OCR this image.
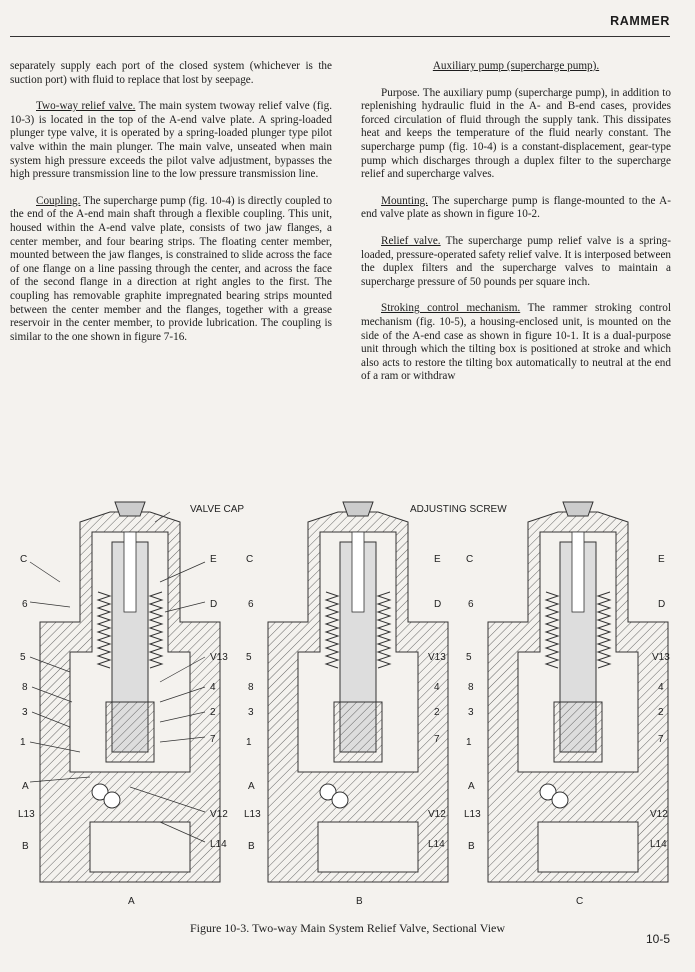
RAMMER

separately supply each port of the closed system (whichever is the suction port) with fluid to replace that lost by seepage.

Two-way relief valve. The main system twoway relief valve (fig. 10-3) is located in the top of the A-end valve plate. A spring-loaded plunger type valve, it is operated by a spring-loaded plunger type pilot valve within the main plunger. The main valve, unseated when main system high pressure exceeds the pilot valve adjustment, bypasses the high pressure transmission line to the low pressure transmission line.

Coupling. The supercharge pump (fig. 10-4) is directly coupled to the end of the A-end main shaft through a flexible coupling. This unit, housed within the A-end valve plate, consists of two jaw flanges, a center member, and four bearing strips. The floating center member, mounted between the jaw flanges, is constrained to slide across the face of one flange on a line passing through the center, and across the face of the second flange in a direction at right angles to the first. The coupling has removable graphite impregnated bearing strips mounted between the center member and the flanges, together with a grease reservoir in the center member, to provide lubrication. The coupling is similar to the one shown in figure 7-16.

Auxiliary pump (supercharge pump).

Purpose. The auxiliary pump (supercharge pump), in addition to replenishing hydraulic fluid in the A- and B-end cases, provides forced circulation of fluid through the supply tank. This dissipates heat and keeps the temperature of the fluid nearly constant. The supercharge pump (fig. 10-4) is a constant-displacement, gear-type pump which discharges through a duplex filter to the supercharge relief and supercharge valves.

Mounting. The supercharge pump is flange-mounted to the A-end valve plate as shown in figure 10-2.

Relief valve. The supercharge pump relief valve is a spring-loaded, pressure-operated safety relief valve. It is interposed between the duplex filters and the supercharge valves to maintain a supercharge pressure of 50 pounds per square inch.

Stroking control mechanism. The rammer stroking control mechanism (fig. 10-5), a housing-enclosed unit, is mounted on the side of the A-end case as shown in figure 10-1. It is a dual-purpose unit through which the tilting box is positioned at stroke and which also acts to restore the tilting box automatically to neutral at the end of a ram or withdraw

VALVE CAP
C	E
6	D
5	V13
8	4
3	2
1	7
A
L13	V12
B	L14
ADJUSTING SCREW
C	E
6	D
5	V13
8	4
3	2
1	7
A
L13	V12
B	L14
C	E
6	D
5	V13
8	4
3	2
1	7
A
L13	V12
B	L14
A	B	C
Figure 10-3. Two-way Main System Relief Valve, Sectional View
10-5
